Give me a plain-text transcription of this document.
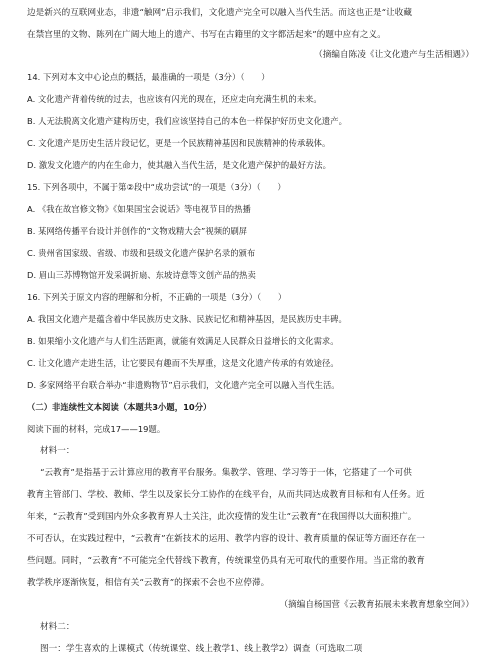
边是新兴的互联网业态，非遗“触网”启示我们，文化遗产完全可以融入当代生活。而这也正是“让收藏
在禁宫里的文物、陈列在广阔大地上的遗产、书写在古籍里的文字都活起来”的题中应有之义。
（摘编自陈凌《让文化遗产与生活相遇》）
14. 下列对本文中心论点的概括，最准确的一项是（3分）（　　）
A. 文化遗产背着传统的过去，也应该有闪光的现在，还应走向充满生机的未来。
B. 人无法脱离文化遗产建构历史，我们应该坚持自己的本色一样保护好历史文化遗产。
C. 文化遗产是历史生活片段记忆，更是一个民族精神基因和民族精神的传承载体。
D. 激发文化遗产的内在生命力，使其融入当代生活，是文化遗产保护的最好方法。
15. 下列各项中，不属于第②段中“成功尝试”的一项是（3分）（　　）
A. 《我在故宫修文物》《如果国宝会说话》等电视节目的热播
B. 某网络传播平台设计并创作的“文物戏精大会”视频的刷屏
C. 贵州省国家级、省级、市级和县级文化遗产保护名录的颁布
D. 眉山三苏博物馆开发采调折扇、东坡诗意等文创产品的热卖
16. 下列关于原文内容的理解和分析，不正确的一项是（3分）（　　）
A. 我国文化遗产是蕴含着中华民族历史文脉、民族记忆和精神基因，是民族历史丰碑。
B. 如果缩小文化遗产与人们生活距离，就能有效满足人民群众日益增长的文化需求。
C. 让文化遗产走进生活，让它要民有趣而不失厚重，这是文化遗产传承的有效途径。
D. 多家网络平台联合举办“非遗购物节”启示我们，文化遗产完全可以融入当代生活。
（二）非连续性文本阅读（本题共3小题，10分）
阅读下面的材料，完成17——19题。
材料一：
“云教育”是指基于云计算应用的教育平台服务。集教学、管理、学习等于一体，它搭建了一个可供
教育主管部门、学校、教师、学生以及家长分工协作的在线平台，从而共同达成教育目标和有人任务。近
年来，“云教育”受到国内外众多教育界人士关注，此次疫情的发生让“云教育”在我国得以大面积推广。
不可否认，在实践过程中，“云教育”在新技术的运用、教学内容的设计、教育质量的保证等方面还存在一
些问题。同时，“云教育”不可能完全代替线下教育，传统课堂仍具有无可取代的重要作用。当正常的教育
教学秩序逐渐恢复，相信有关“云教育”的探索不会也不应停滞。
（摘编自杨国营《云教育拓展未来教育想象空间》）
材料二：
图一：学生喜欢的上课模式（传统课堂、线上教学1、线上教学2）调查（可选取二项
